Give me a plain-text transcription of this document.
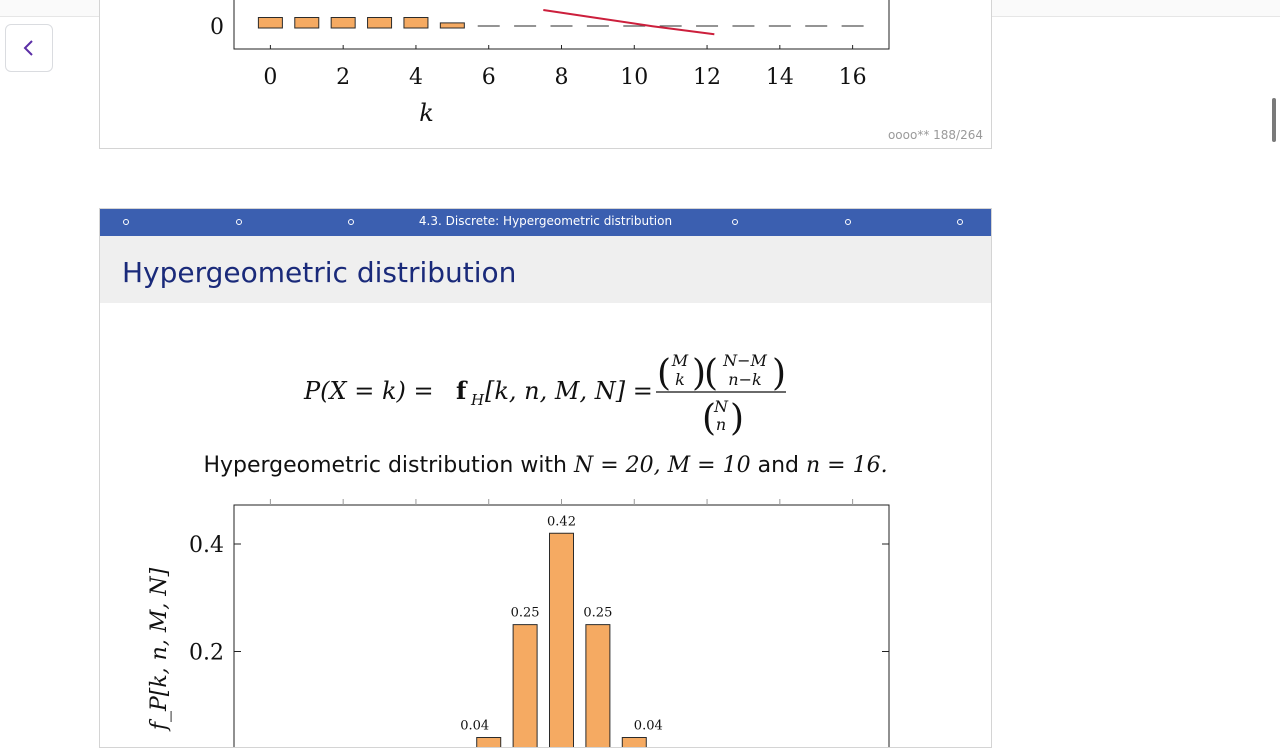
0	2	4	6	8 10 12 14 16
0
k
oooo** 188/264
4.3. Discrete: Hypergeometric distribution
Hypergeometric distribution
P(X = k) = f H [k, n, M, N] = ( M
k )
( N−M
n−k )
(
N
n )
Hypergeometric distribution with N = 20, M = 10 and n = 16.
0.4
0.2
0.04
0.25
0.42
0.25
0.04
f_P[k, n, M, N]
